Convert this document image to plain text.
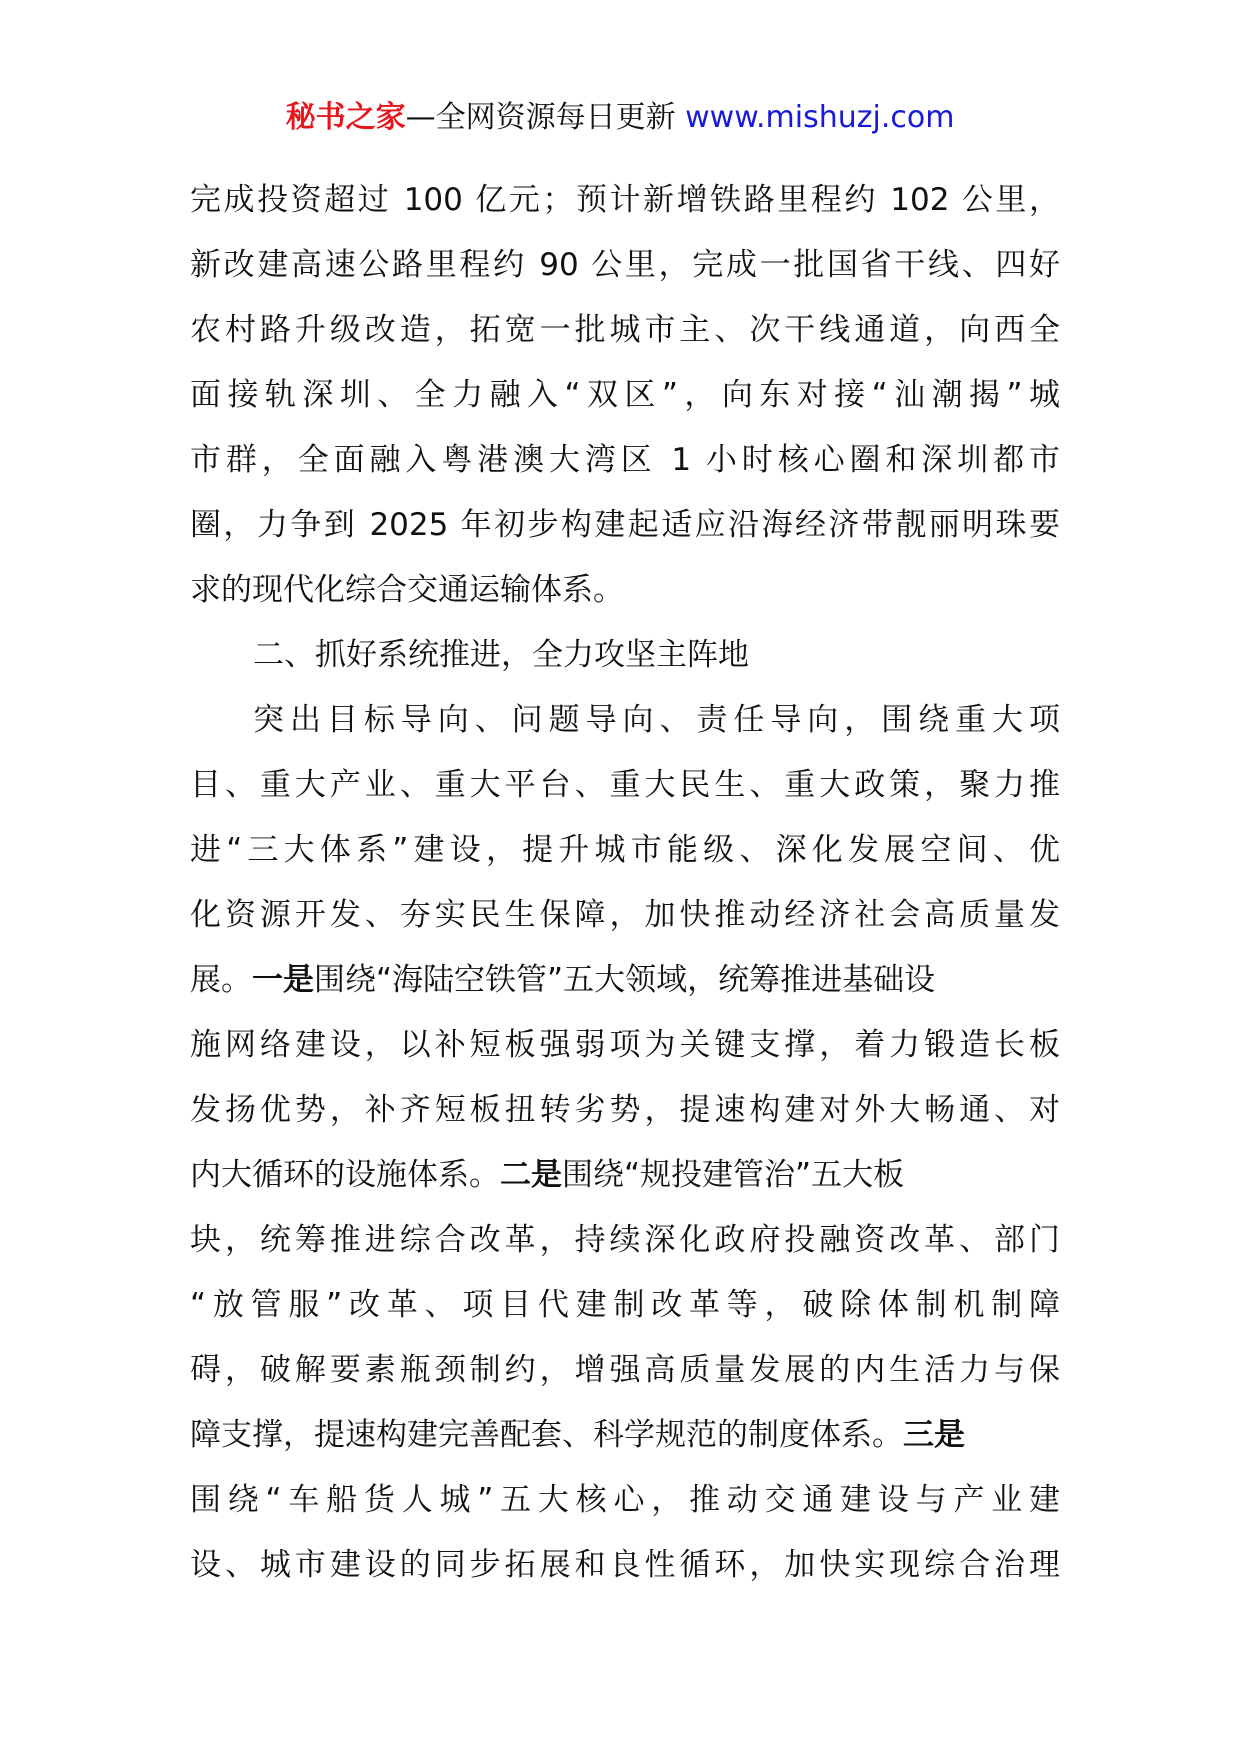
秘书之家—全网资源每日更新 www.mishuzj.com
完成投资超过 100 亿元；预计新增铁路里程约 102 公里，
新改建高速公路里程约 90 公里，完成一批国省干线、四好
农村路升级改造，拓宽一批城市主、次干线通道，向西全
面接轨深圳、全力融入“双区”，向东对接“汕潮揭”城
市群，全面融入粤港澳大湾区 1 小时核心圈和深圳都市
圈，力争到 2025 年初步构建起适应沿海经济带靓丽明珠要
求的现代化综合交通运输体系。
二、抓好系统推进，全力攻坚主阵地
突出目标导向、问题导向、责任导向，围绕重大项
目、重大产业、重大平台、重大民生、重大政策，聚力推
进“三大体系”建设，提升城市能级、深化发展空间、优
化资源开发、夯实民生保障，加快推动经济社会高质量发
展。一是围绕“海陆空铁管”五大领域，统筹推进基础设
施网络建设，以补短板强弱项为关键支撑，着力锻造长板
发扬优势，补齐短板扭转劣势，提速构建对外大畅通、对
内大循环的设施体系。二是围绕“规投建管治”五大板
块，统筹推进综合改革，持续深化政府投融资改革、部门
“放管服”改革、项目代建制改革等，破除体制机制障
碍，破解要素瓶颈制约，增强高质量发展的内生活力与保
障支撑，提速构建完善配套、科学规范的制度体系。三是
围绕“车船货人城”五大核心，推动交通建设与产业建
设、城市建设的同步拓展和良性循环，加快实现综合治理
